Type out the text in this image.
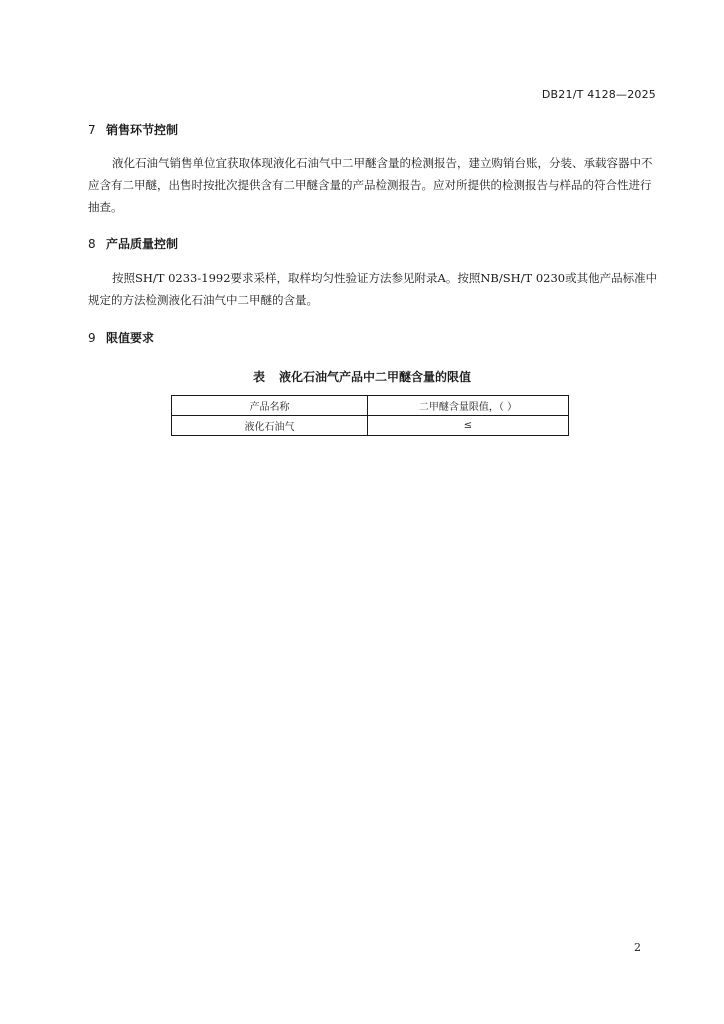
DB21/T 4128—2025
7 销售环节控制

液化石油气销售单位宜获取体现液化石油气中二甲醚含量的检测报告，建立购销台账，分装、承载容器中不应含有二甲醚，出售时按批次提供含有二甲醚含量的产品检测报告。应对所提供的检测报告与样品的符合性进行抽查。

8 产品质量控制

按照SH/T 0233-1992要求采样，取样均匀性验证方法参见附录A。按照NB/SH/T 0230或其他产品标准中规定的方法检测液化石油气中二甲醚的含量。

9 限值要求
表 液化石油气产品中二甲醚含量的限值
产品名称	二甲醚含量限值，（ ）
液化石油气	≤
2
